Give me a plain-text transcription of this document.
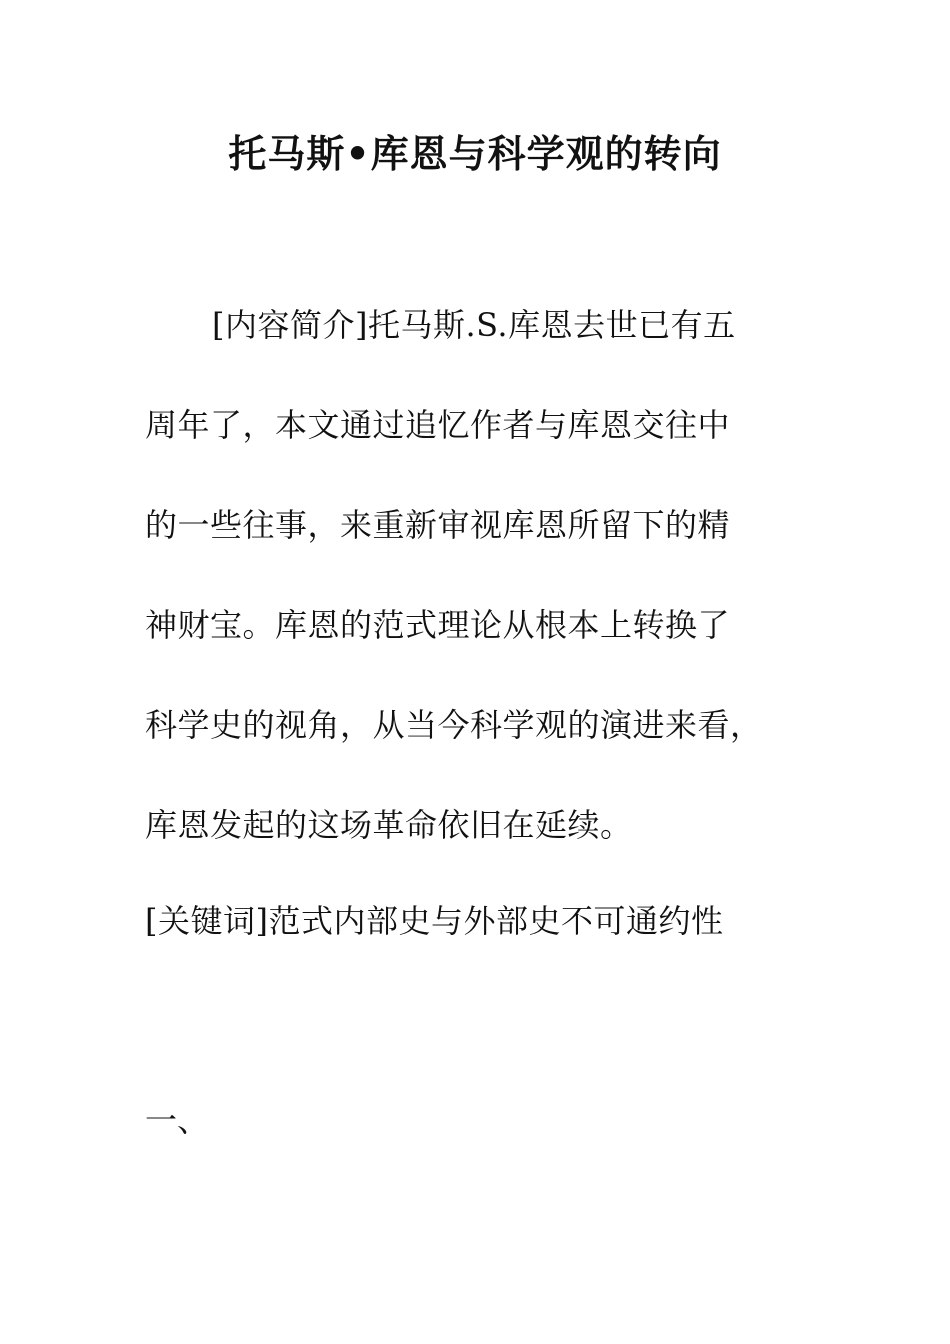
托马斯•库恩与科学观的转向
[内容简介]托马斯.S.库恩去世已有五
周年了，本文通过追忆作者与库恩交往中
的一些往事，来重新审视库恩所留下的精
神财宝。库恩的范式理论从根本上转换了
科学史的视角，从当今科学观的演进来看，
库恩发起的这场革命依旧在延续。
[关键词]范式内部史与外部史不可通约性
一、
